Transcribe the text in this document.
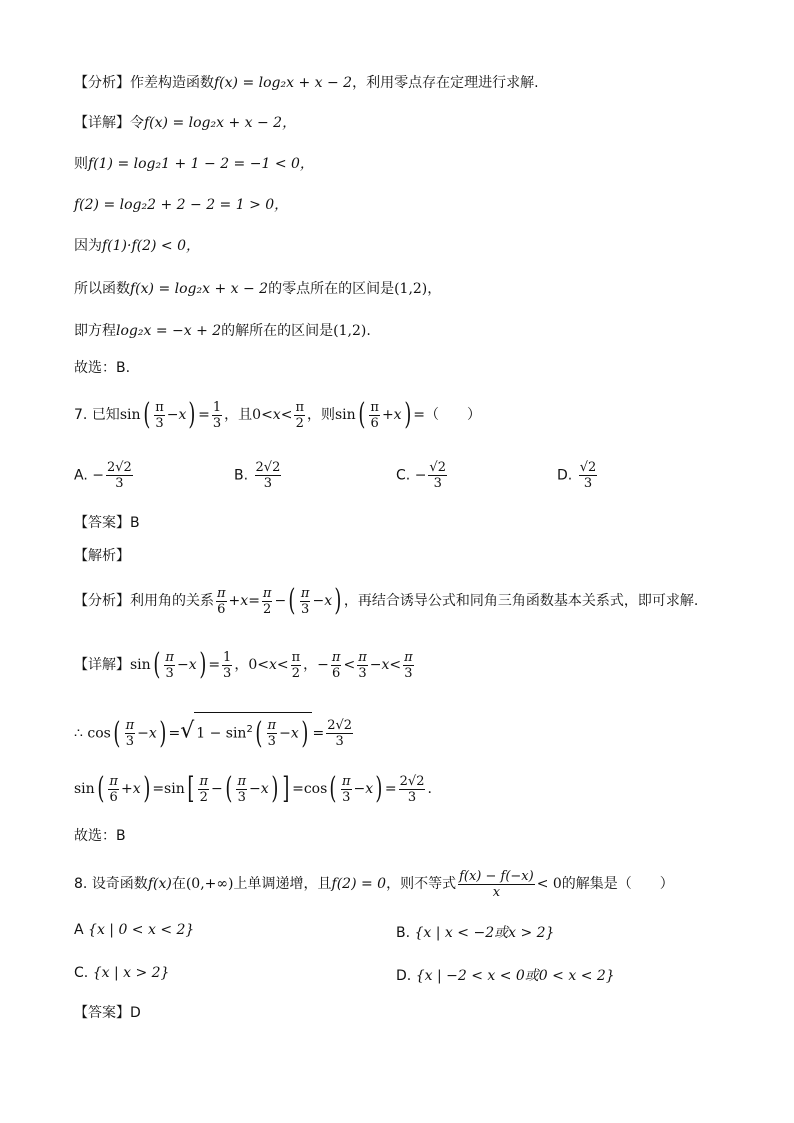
【分析】作差构造函数f(x) = log₂x + x − 2，利用零点存在定理进行求解.
【详解】令f(x) = log₂x + x − 2，
则f(1) = log₂1 + 1 − 2 = −1 < 0，
f(2) = log₂2 + 2 − 2 = 1 > 0，
因为f(1)·f(2) < 0，
所以函数f(x) = log₂x + x − 2的零点所在的区间是(1,2)，
即方程log₂x = −x + 2的解所在的区间是(1,2).
故选：B.
7. 已知$\sin( \frac{\pi}{3} -x) = \frac{1}{3}$ ，且$0<x< \frac{\pi}{2}$ ，则$\sin( \frac{\pi}{6} +x)$ =（　　）
A. − $\frac{2√2}{3}$	B. $\frac{2√2}{3}$	C. − $\frac{√2}{3}$	D. $\frac{√2}{3}$
【答案】B
【解析】
【分析】利用角的关系 $\frac{\pi}{6} +x= \frac{\pi}{2}$ −( $\frac{\pi}{3} -x$) ，再结合诱导公式和同角三角函数基本关系式，即可求解.
【详解】$\sin( \frac{\pi}{3} -x) = \frac{1}{3}$ ，$0<x< \frac{\pi}{2}$ ，− $\frac{\pi}{6} < \frac{\pi}{3} -x< \frac{\pi}{3}$
∴ $\cos( \frac{\pi}{3} -x)$ =√ $1 - \sin^2( \frac{\pi}{3} -x) = \frac{2√2}{3}$
$\sin( \frac{\pi}{6} +x) =\sin[ \frac{\pi}{2}$ −( $\frac{\pi}{3} -x$) ] $=\cos( \frac{\pi}{3} -x) = \frac{2√2}{3}$ .
故选：B
8. 设奇函数f(x)在(0,+∞)上单调递增，且f(2) = 0，则不等式 $\frac{f(x) - f(-x)}{x} < 0$的解集是（　　）
A {x | 0 < x < 2}	B. {x | x < −2或x > 2}
C. {x | x > 2}	D. {x | −2 < x < 0或0 < x < 2}
【答案】D
